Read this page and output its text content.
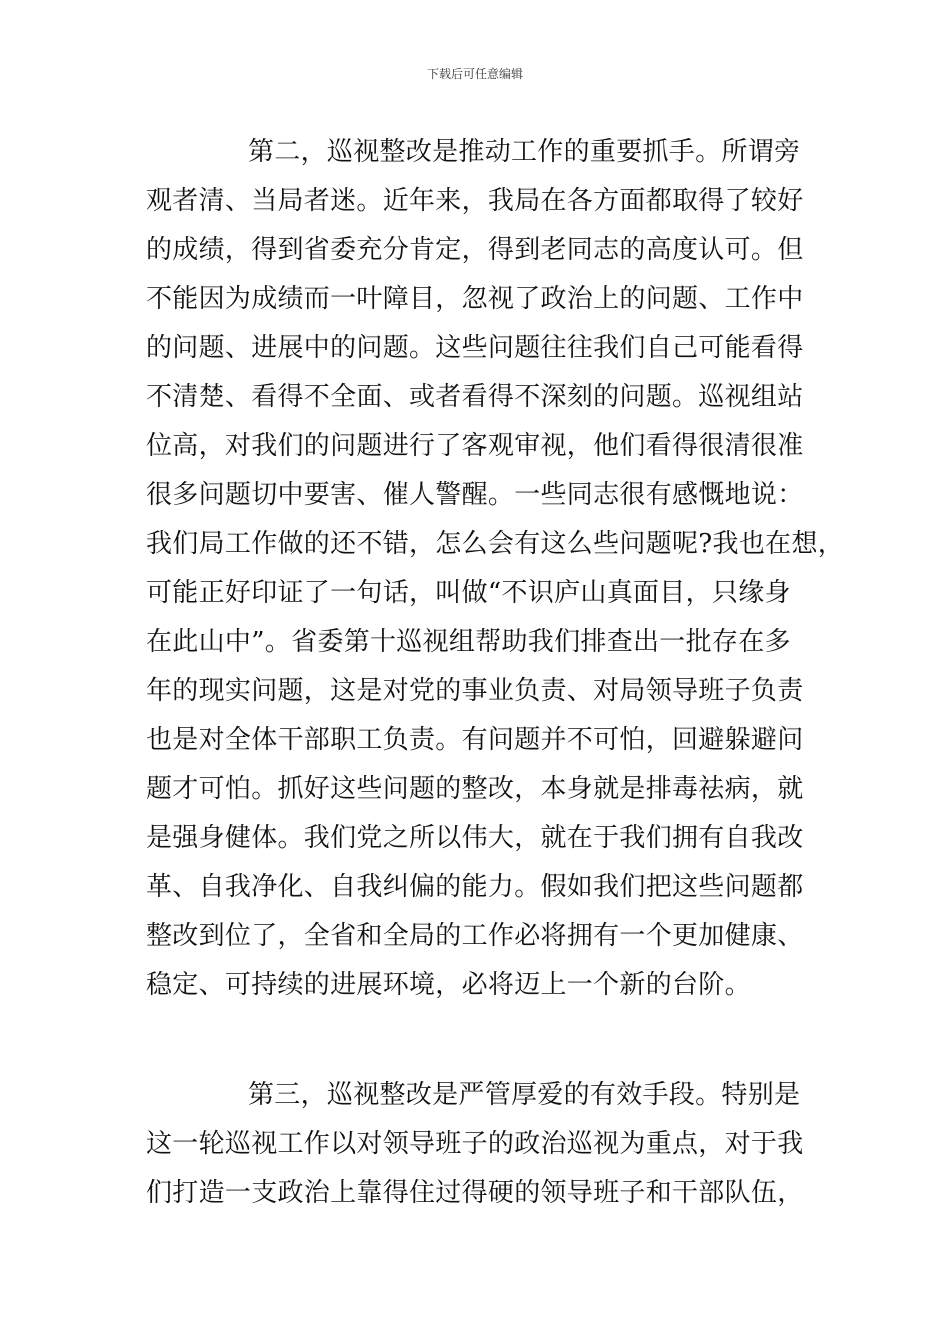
下载后可任意编辑
第二，巡视整改是推动工作的重要抓手。所谓旁
观者清、当局者迷。近年来，我局在各方面都取得了较好
的成绩，得到省委充分肯定，得到老同志的高度认可。但
不能因为成绩而一叶障目，忽视了政治上的问题、工作中
的问题、进展中的问题。这些问题往往我们自己可能看得
不清楚、看得不全面、或者看得不深刻的问题。巡视组站
位高，对我们的问题进行了客观审视，他们看得很清很准
很多问题切中要害、催人警醒。一些同志很有感慨地说：
我们局工作做的还不错，怎么会有这么些问题呢?我也在想，
可能正好印证了一句话，叫做“不识庐山真面目，只缘身
在此山中”。省委第十巡视组帮助我们排查出一批存在多
年的现实问题，这是对党的事业负责、对局领导班子负责
也是对全体干部职工负责。有问题并不可怕，回避躲避问
题才可怕。抓好这些问题的整改，本身就是排毒祛病，就
是强身健体。我们党之所以伟大，就在于我们拥有自我改
革、自我净化、自我纠偏的能力。假如我们把这些问题都
整改到位了，全省和全局的工作必将拥有一个更加健康、
稳定、可持续的进展环境，必将迈上一个新的台阶。
第三，巡视整改是严管厚爱的有效手段。特别是
这一轮巡视工作以对领导班子的政治巡视为重点，对于我
们打造一支政治上靠得住过得硬的领导班子和干部队伍，
